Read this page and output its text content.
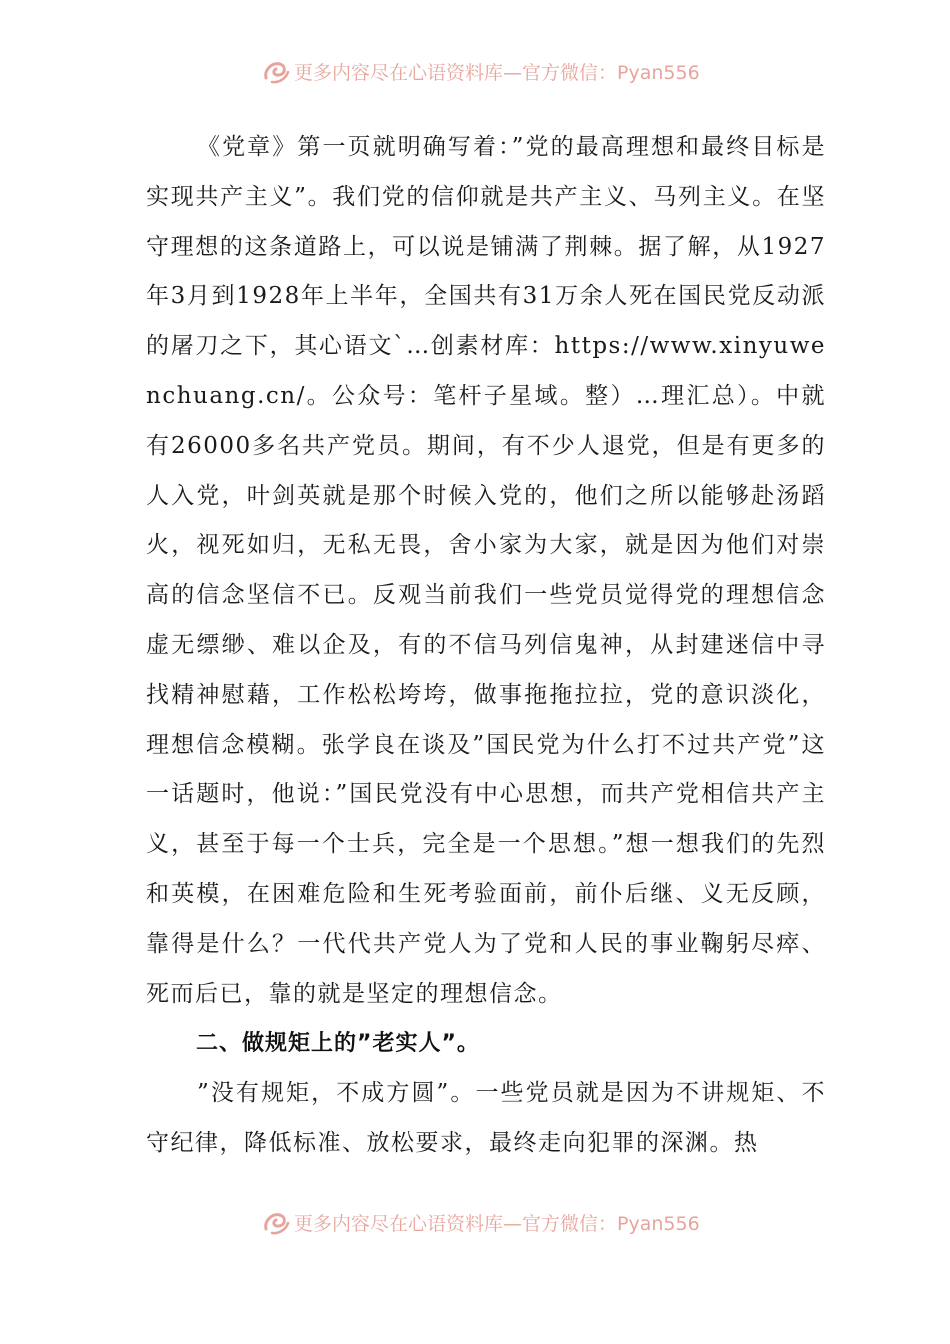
更多内容尽在心语资料库—官方微信：Pyan556

《党章》第一页就明确写着：”党的最高理想和最终目标是实现共产主义”。我们党的信仰就是共产主义、马列主义。在坚守理想的这条道路上，可以说是铺满了荆棘。据了解，从1927年3月到1928年上半年，全国共有31万余人死在国民党反动派的屠刀之下，其心语文`…创素材库：https://www.xinyuwenchuang.cn/。公众号：笔杆子星域。整）…理汇总）。中就有26000多名共产党员。期间，有不少人退党，但是有更多的人入党，叶剑英就是那个时候入党的，他们之所以能够赴汤蹈火，视死如归，无私无畏，舍小家为大家，就是因为他们对崇高的信念坚信不已。反观当前我们一些党员觉得党的理想信念虚无缥缈、难以企及，有的不信马列信鬼神，从封建迷信中寻找精神慰藉，工作松松垮垮，做事拖拖拉拉，党的意识淡化，理想信念模糊。张学良在谈及”国民党为什么打不过共产党”这一话题时，他说：”国民党没有中心思想，而共产党相信共产主义，甚至于每一个士兵，完全是一个思想。”想一想我们的先烈和英模，在困难危险和生死考验面前，前仆后继、义无反顾，靠得是什么？一代代共产党人为了党和人民的事业鞠躬尽瘁、死而后已，靠的就是坚定的理想信念。

二、做规矩上的”老实人”。

”没有规矩，不成方圆”。一些党员就是因为不讲规矩、不守纪律，降低标准、放松要求，最终走向犯罪的深渊。热

更多内容尽在心语资料库—官方微信：Pyan556
